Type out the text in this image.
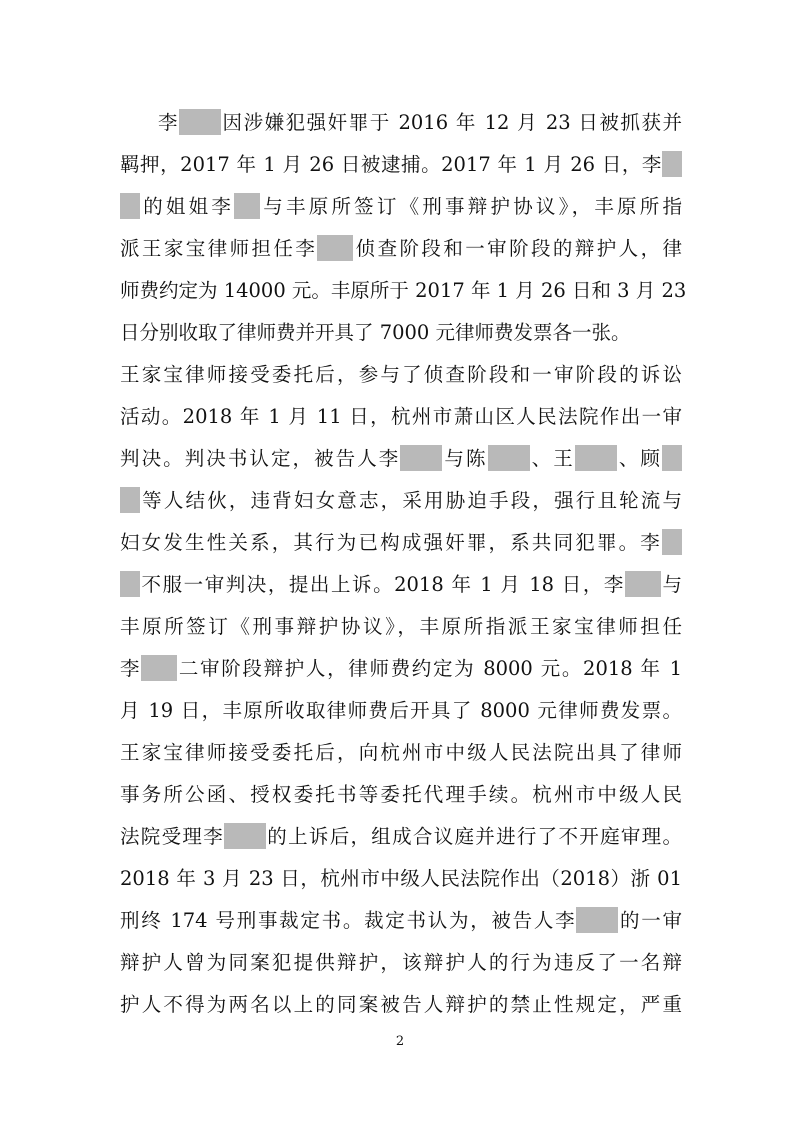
李 因涉嫌犯强奸罪于 2016 年 12 月 23 日被抓获并
羁押，2017 年 1 月 26 日被逮捕。2017 年 1 月 26 日，李
的姐姐李 与丰原所签订《刑事辩护协议》，丰原所指
派王家宝律师担任李 侦查阶段和一审阶段的辩护人，律
师费约定为 14000 元。丰原所于 2017 年 1 月 26 日和 3 月 23
日分别收取了律师费并开具了 7000 元律师费发票各一张。
王家宝律师接受委托后，参与了侦查阶段和一审阶段的诉讼
活动。2018 年 1 月 11 日，杭州市萧山区人民法院作出一审
判决。判决书认定，被告人李 与陈 、王 、顾
等人结伙，违背妇女意志，采用胁迫手段，强行且轮流与
妇女发生性关系，其行为已构成强奸罪，系共同犯罪。李
不服一审判决，提出上诉。2018 年 1 月 18 日，李 与
丰原所签订《刑事辩护协议》，丰原所指派王家宝律师担任
李 二审阶段辩护人，律师费约定为 8000 元。2018 年 1
月 19 日，丰原所收取律师费后开具了 8000 元律师费发票。
王家宝律师接受委托后，向杭州市中级人民法院出具了律师
事务所公函、授权委托书等委托代理手续。杭州市中级人民
法院受理李 的上诉后，组成合议庭并进行了不开庭审理。
2018 年 3 月 23 日，杭州市中级人民法院作出（2018）浙 01
刑终 174 号刑事裁定书。裁定书认为，被告人李 的一审
辩护人曾为同案犯提供辩护，该辩护人的行为违反了一名辩
护人不得为两名以上的同案被告人辩护的禁止性规定，严重
2
